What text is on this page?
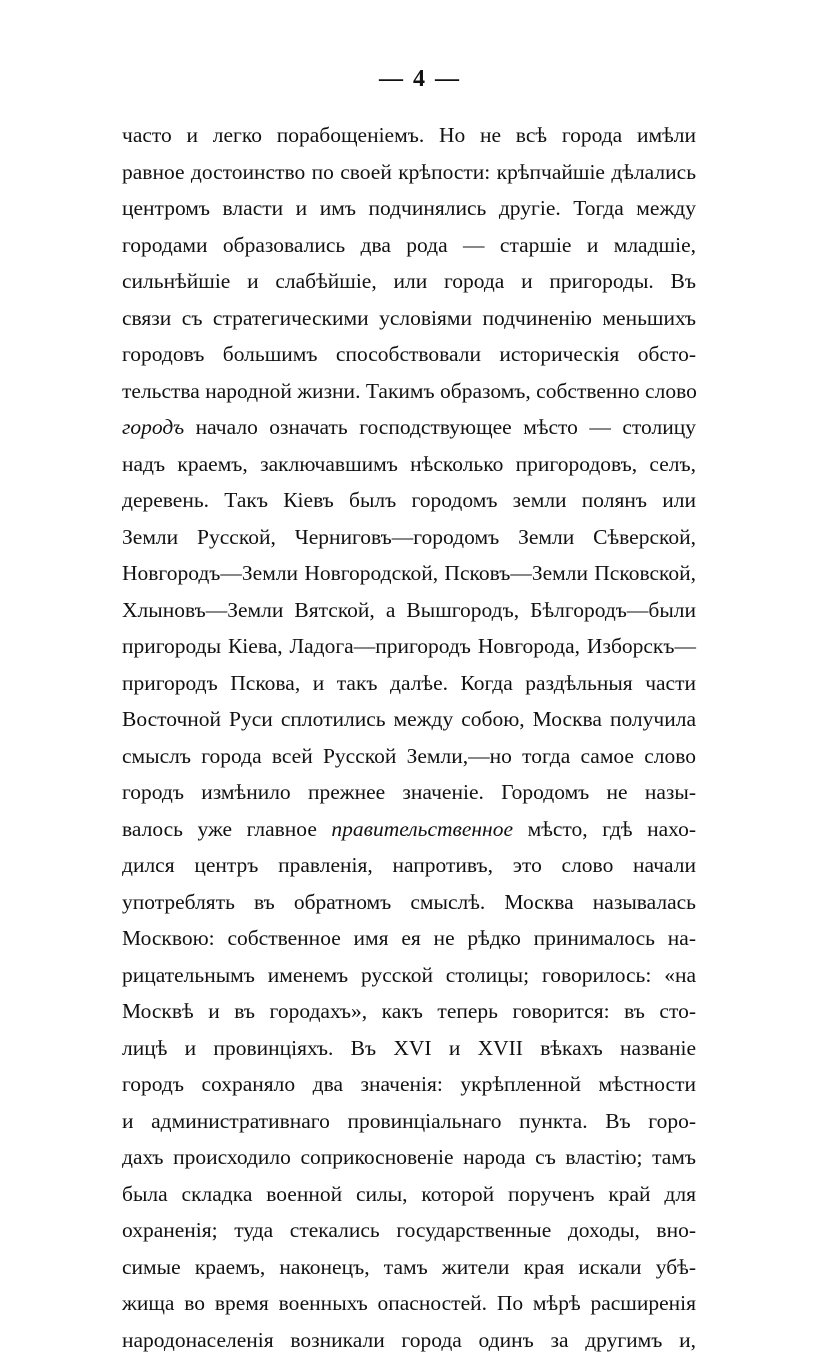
— 4 —
часто и легко порабощеніемъ. Но не всѣ города имѣли
равное достоинство по своей крѣпости: крѣпчайшіе дѣлались
центромъ власти и имъ подчинялись другіе. Тогда между
городами образовались два рода — старшіе и младшіе,
сильнѣйшіе и слабѣйшіе, или города и пригороды. Въ
связи съ стратегическими условіями подчиненію меньшихъ
городовъ большимъ способствовали историческія обсто-
тельства народной жизни. Такимъ образомъ, собственно слово
городъ начало означать господствующее мѣсто — столицу
надъ краемъ, заключавшимъ нѣсколько пригородовъ, селъ,
деревень. Такъ Кіевъ былъ городомъ земли полянъ или
Земли Русской, Черниговъ—городомъ Земли Сѣверской,
Новгородъ—Земли Новгородской, Псковъ—Земли Псковской,
Хлыновъ—Земли Вятской, а Вышгородъ, Бѣлгородъ—были
пригороды Кіева, Ладога—пригородъ Новгорода, Изборскъ—
пригородъ Пскова, и такъ далѣе. Когда раздѣльныя части
Восточной Руси сплотились между собою, Москва получила
смыслъ города всей Русской Земли,—но тогда самое слово
городъ измѣнило прежнее значеніе. Городомъ не назы-
валось уже главное правительственное мѣсто, гдѣ нахо-
дился центръ правленія, напротивъ, это слово начали
употреблять въ обратномъ смыслѣ. Москва называлась
Москвою: собственное имя ея не рѣдко принималось на-
рицательнымъ именемъ русской столицы; говорилось: «на
Москвѣ и въ городахъ», какъ теперь говорится: въ сто-
лицѣ и провинціяхъ. Въ XVI и XVII вѣкахъ названіе
городъ сохраняло два значенія: укрѣпленной мѣстности
и административнаго провинціальнаго пункта. Въ горо-
дахъ происходило соприкосновеніе народа съ властію; тамъ
была складка военной силы, которой порученъ край для
охраненія; туда стекались государственные доходы, вно-
симые краемъ, наконецъ, тамъ жители края искали убѣ-
жища во время военныхъ опасностей. По мѣрѣ расширенія
народонаселенія возникали города одинъ за другимъ и,
